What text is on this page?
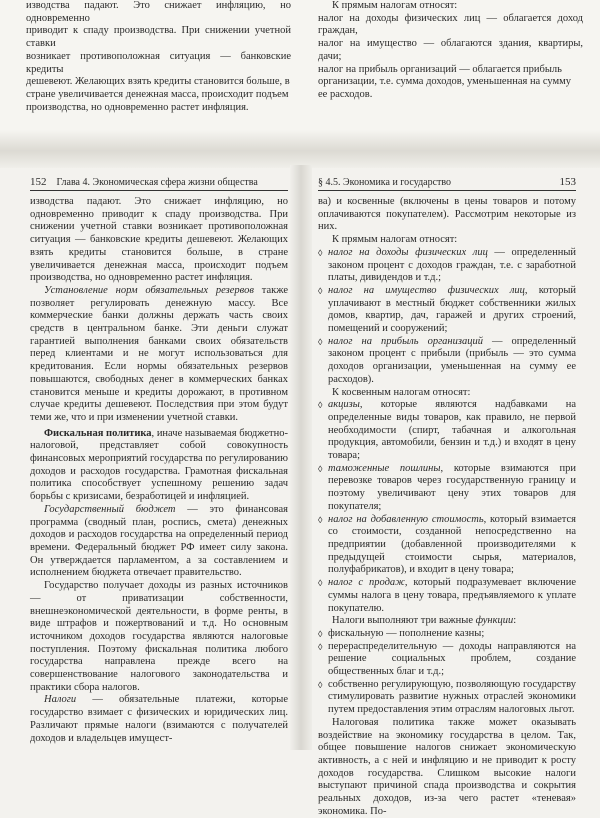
изводства падают. Это снижает инфляцию, но одновременно

приводит к спаду производства. При снижении учетной ставки

возникает противоположная ситуация — банковские кредиты

дешевеют. Желающих взять кредиты становится больше, в

стране увеличивается денежная масса, происходит подъем

производства, но одновременно растет инфляция.

К прямым налогам относят:

налог на доходы физических лиц — облагается доход граждан,

налог на имущество — облагаются здания, квартиры, дачи;

налог на прибыль организаций — облагается прибыль

организации, т.е. сумма доходов, уменьшенная на сумму

ее расходов.

152 Глава 4. Экономическая сфера жизни общества

изводства падают. Это снижает инфляцию, но одновременно приводит к спаду производства. При снижении учетной ставки возникает противоположная ситуация — банковские кредиты дешевеют. Желающих взять кредиты становится больше, в стране увеличивается денежная масса, происходит подъем производства, но одновременно растет инфляция.

Установление норм обязательных резервов также позволяет регулировать денежную массу. Все коммерческие банки должны держать часть своих средств в центральном банке. Эти деньги служат гарантией выполнения банками своих обязательств перед клиентами и не могут использоваться для кредитования. Если нормы обязательных резервов повышаются, свободных денег в коммерческих банках становится меньше и кредиты дорожают, в противном случае кредиты дешевеют. Последствия при этом будут теми же, что и при изменении учетной ставки.

Фискальная политика, иначе называемая бюджетно-налоговой, представляет собой совокупность финансовых мероприятий государства по регулированию доходов и расходов государства. Грамотная фискальная политика способствует успешному решению задач борьбы с кризисами, безработицей и инфляцией.

Государственный бюджет — это финансовая программа (сводный план, роспись, смета) денежных доходов и расходов государства на определенный период времени. Федеральный бюджет РФ имеет силу закона. Он утверждается парламентом, а за составлением и исполнением бюджета отвечает правительство.

Государство получает доходы из разных источников — от приватизации собственности, внешнеэкономической деятельности, в форме ренты, в виде штрафов и пожертвований и т.д. Но основным источником доходов государства являются налоговые поступления. Поэтому фискальная политика любого государства направлена прежде всего на совершенствование налогового законодательства и практики сбора налогов.

Налоги — обязательные платежи, которые государство взимает с физических и юридических лиц. Различают прямые налоги (взимаются с получателей доходов и владельцев имущест-

§ 4.5. Экономика и государство	153

ва) и косвенные (включены в цены товаров и потому оплачиваются покупателем). Рассмотрим некоторые из них.

К прямым налогам относят:

◊ налог на доходы физических лиц — определенный законом процент с доходов граждан, т.е. с заработной платы, дивидендов и т.д.;

◊ налог на имущество физических лиц, который уплачивают в местный бюджет собственники жилых домов, квартир, дач, гаражей и других строений, помещений и сооружений;

◊ налог на прибыль организаций — определенный законом процент с прибыли (прибыль — это сумма доходов организации, уменьшенная на сумму ее расходов).

К косвенным налогам относят:

◊ акцизы, которые являются надбавками на определенные виды товаров, как правило, не первой необходимости (спирт, табачная и алкогольная продукция, автомобили, бензин и т.д.) и входят в цену товара;

◊ таможенные пошлины, которые взимаются при перевозке товаров через государственную границу и поэтому увеличивают цену этих товаров для покупателя;

◊ налог на добавленную стоимость, который взимается со стоимости, созданной непосредственно на предприятии (добавленной производителями к предыдущей стоимости сырья, материалов, полуфабрикатов), и входит в цену товара;

◊ налог с продаж, который подразумевает включение суммы налога в цену товара, предъявляемого к уплате покупателю.

Налоги выполняют три важные функции:

◊ фискальную — пополнение казны;

◊ перераспределительную — доходы направляются на решение социальных проблем, создание общественных благ и т.д.;

◊ собственно регулирующую, позволяющую государству стимулировать развитие нужных отраслей экономики путем предоставления этим отраслям налоговых льгот.

Налоговая политика также может оказывать воздействие на экономику государства в целом. Так, общее повышение налогов снижает экономическую активность, а с ней и инфляцию и не приводит к росту доходов государства. Слишком высокие налоги выступают причиной спада производства и сокрытия реальных доходов, из-за чего растет «теневая» экономика. По-
